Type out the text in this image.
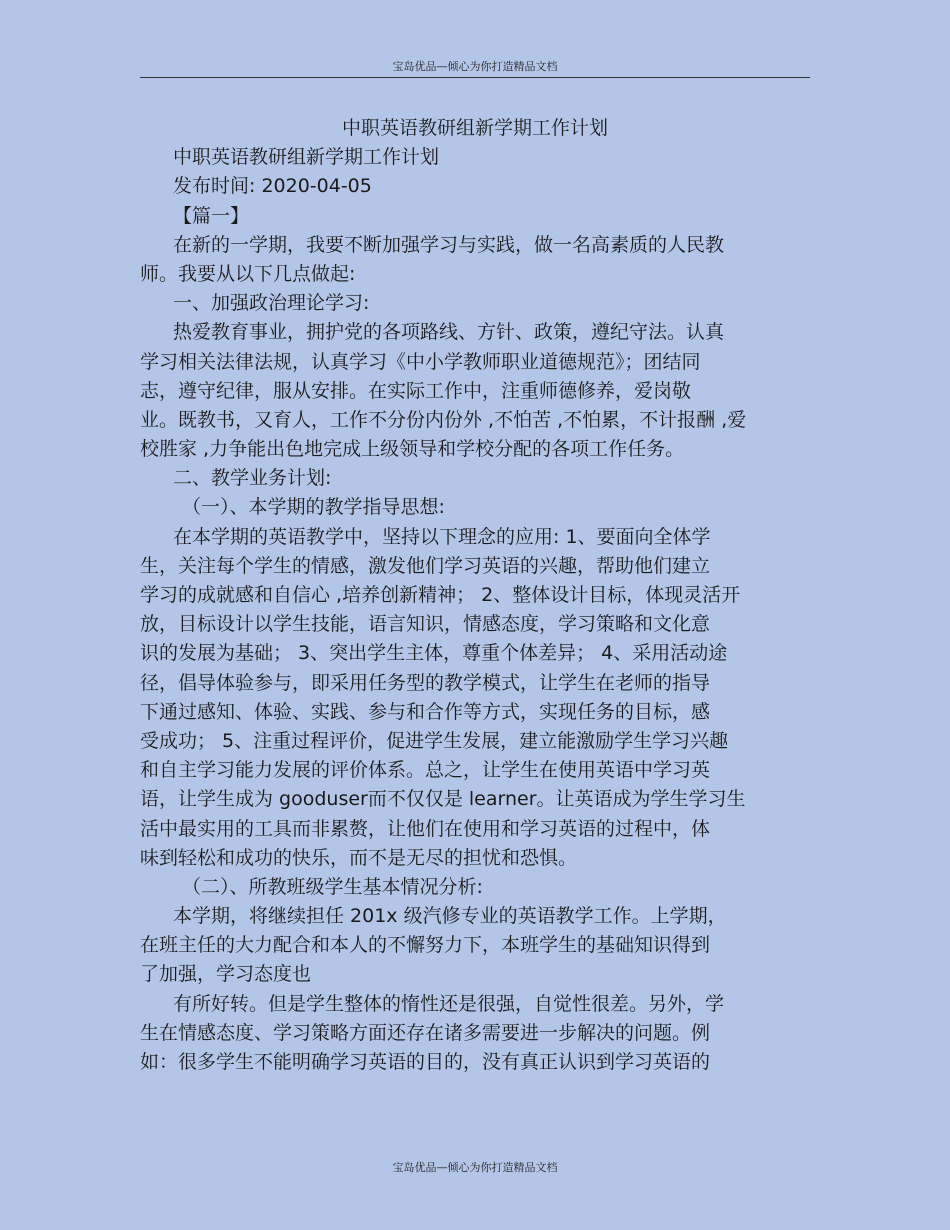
宝岛优品—倾心为你打造精品文档
中职英语教研组新学期工作计划
中职英语教研组新学期工作计划
发布时间: 2020-04-05
【篇一】
在新的一学期，我要不断加强学习与实践，做一名高素质的人民教
师。我要从以下几点做起:
一、加强政治理论学习:
热爱教育事业，拥护党的各项路线、方针、政策，遵纪守法。认真
学习相关法律法规，认真学习《中小学教师职业道德规范》；团结同
志，遵守纪律，服从安排。在实际工作中，注重师德修养，爱岗敬
业。既教书，又育人，工作不分份内份外 ,不怕苦 ,不怕累，不计报酬 ,爱
校胜家 ,力争能出色地完成上级领导和学校分配的各项工作任务。
二、教学业务计划:
（一）、本学期的教学指导思想:
在本学期的英语教学中，坚持以下理念的应用: 1、要面向全体学
生，关注每个学生的情感，激发他们学习英语的兴趣，帮助他们建立
学习的成就感和自信心 ,培养创新精神； 2、整体设计目标，体现灵活开
放，目标设计以学生技能，语言知识，情感态度，学习策略和文化意
识的发展为基础； 3、突出学生主体，尊重个体差异； 4、采用活动途
径，倡导体验参与，即采用任务型的教学模式，让学生在老师的指导
下通过感知、体验、实践、参与和合作等方式，实现任务的目标，感
受成功； 5、注重过程评价，促进学生发展，建立能激励学生学习兴趣
和自主学习能力发展的评价体系。总之，让学生在使用英语中学习英
语，让学生成为 gooduser而不仅仅是 learner。让英语成为学生学习生
活中最实用的工具而非累赘，让他们在使用和学习英语的过程中，体
味到轻松和成功的快乐，而不是无尽的担忧和恐惧。
（二）、所教班级学生基本情况分析:
本学期，将继续担任 201x 级汽修专业的英语教学工作。上学期，
在班主任的大力配合和本人的不懈努力下，本班学生的基础知识得到
了加强，学习态度也
有所好转。但是学生整体的惰性还是很强，自觉性很差。另外，学
生在情感态度、学习策略方面还存在诸多需要进一步解决的问题。例
如：很多学生不能明确学习英语的目的，没有真正认识到学习英语的
宝岛优品—倾心为你打造精品文档
